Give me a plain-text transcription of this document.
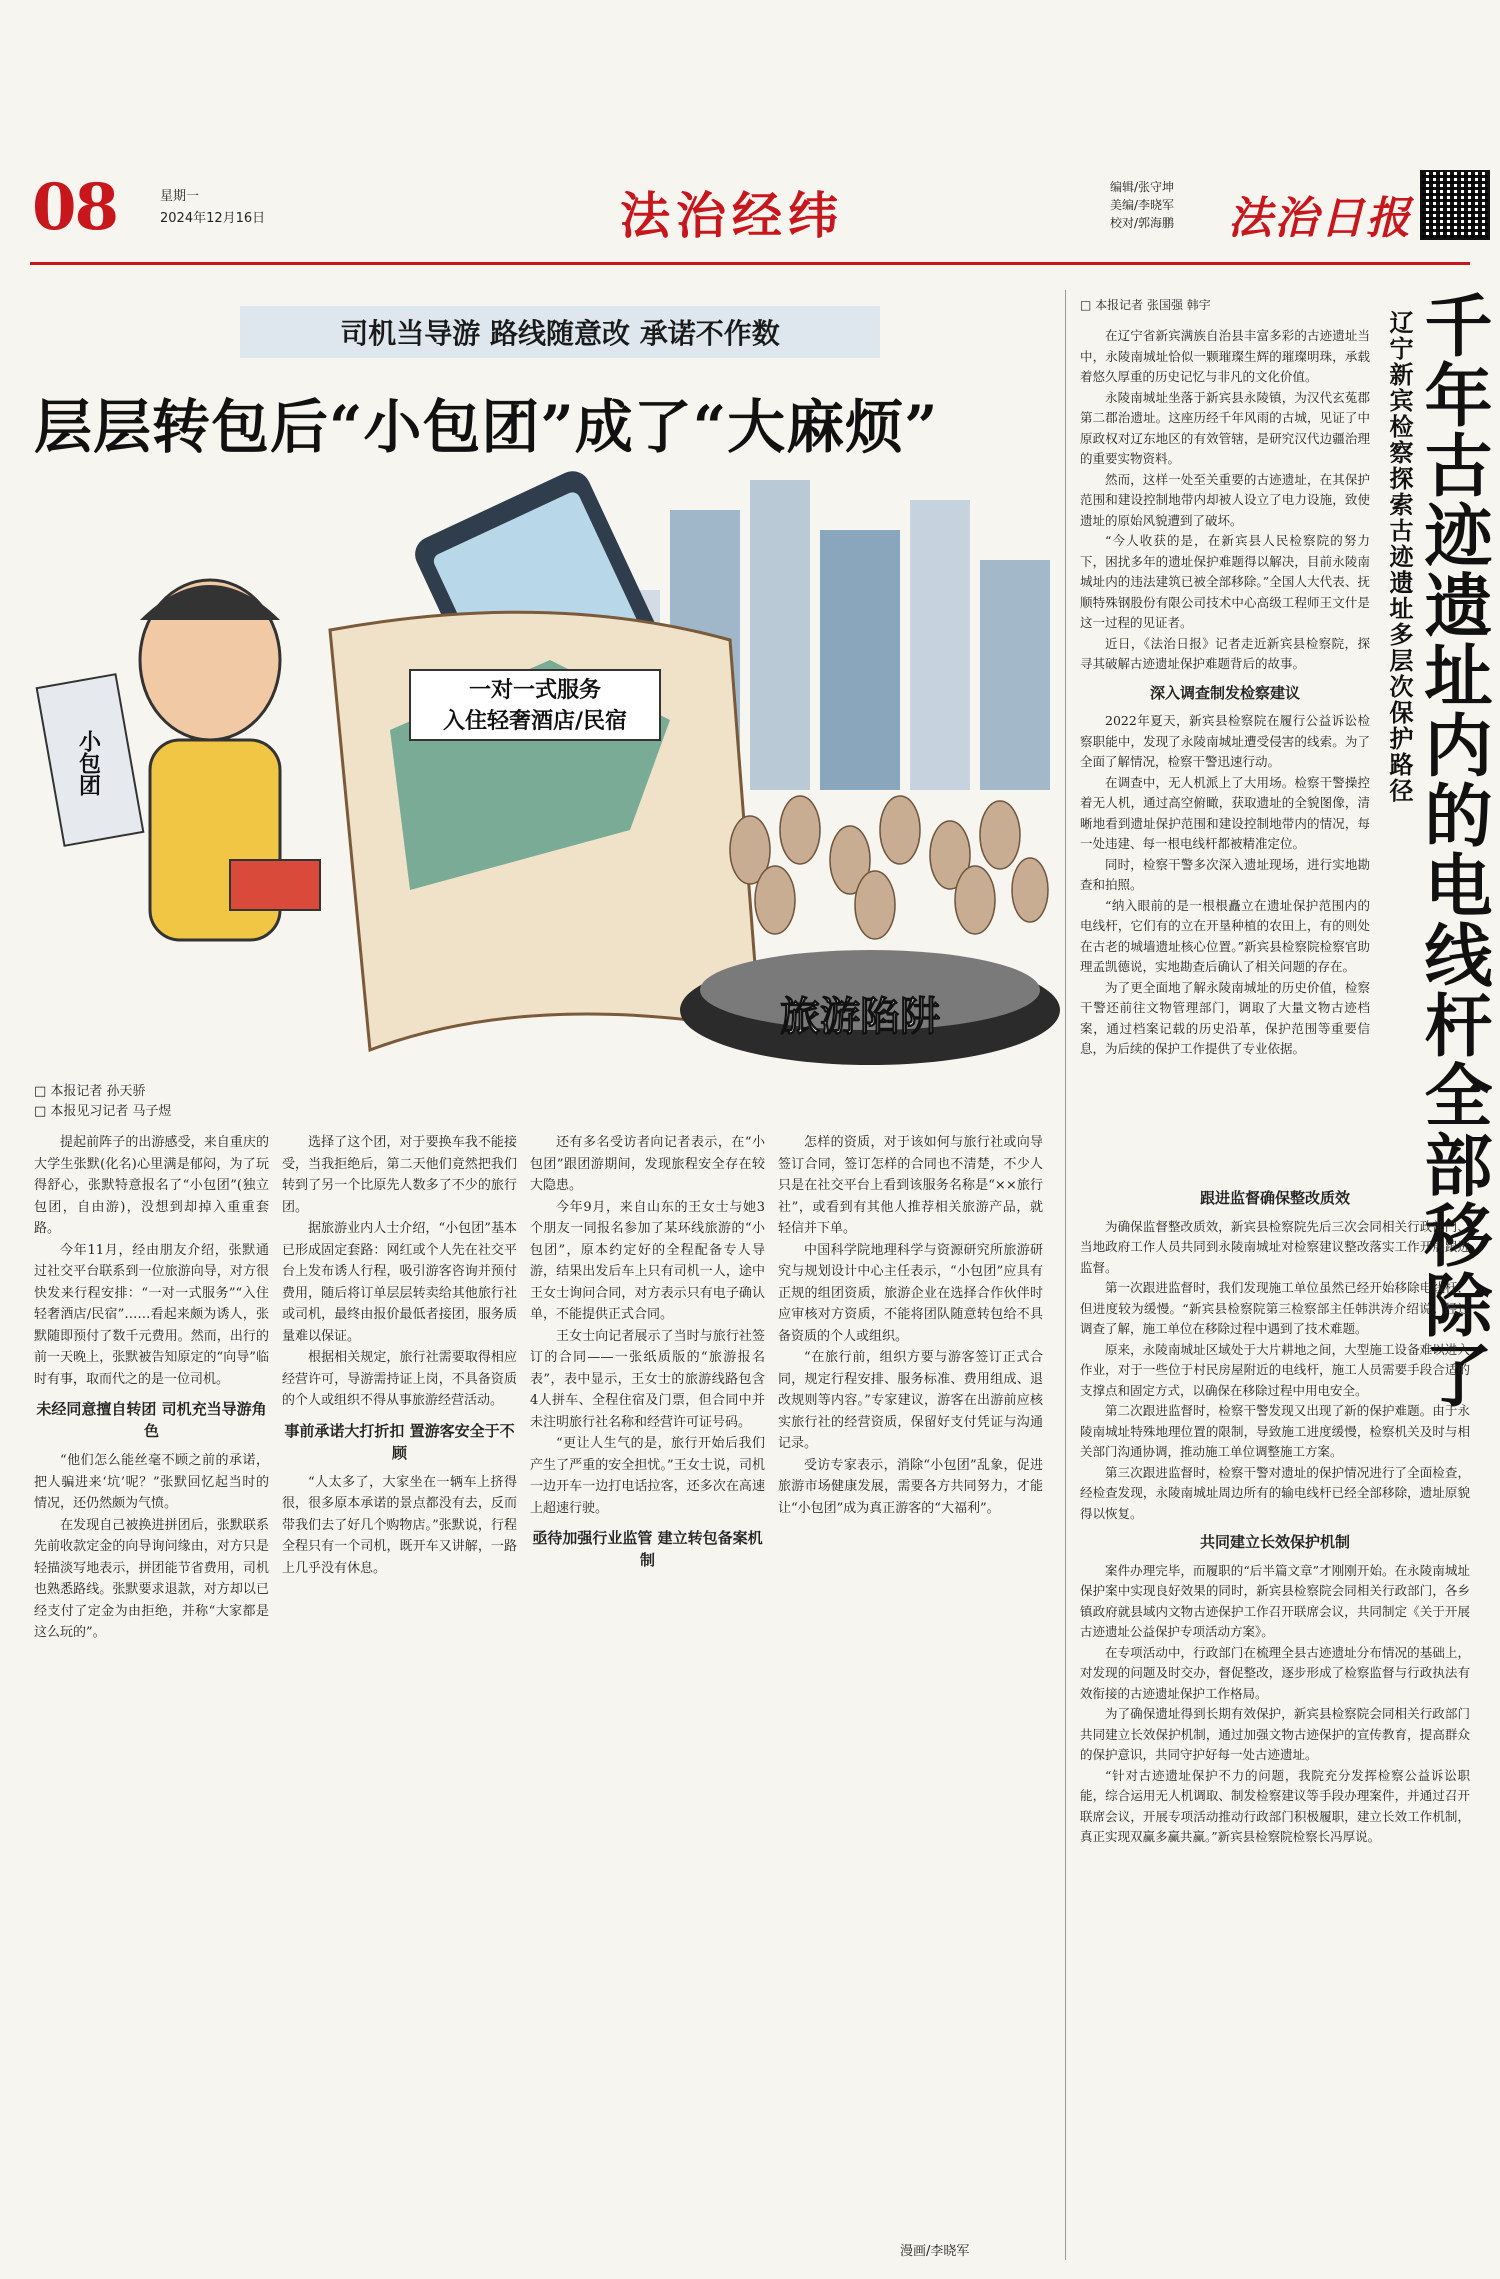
08	星期一
2024年12月16日	法治经纬	编辑/张守坤
美编/李晓军
校对/郭海鹏 法治日报
司机当导游 路线随意改 承诺不作数
层层转包后“小包团”成了“大麻烦”
一对一式服务
入住轻奢酒店/民宿
旅游陷阱
小包团
□ 本报记者 孙天骄
□ 本报见习记者 马子煜

提起前阵子的出游感受，来自重庆的大学生张默(化名)心里满是郁闷，为了玩得舒心，张默特意报名了“小包团”(独立包团，自由游)，没想到却掉入重重套路。

今年11月，经由朋友介绍，张默通过社交平台联系到一位旅游向导，对方很快发来行程安排：“一对一式服务”“入住轻奢酒店/民宿”……看起来颇为诱人，张默随即预付了数千元费用。然而，出行的前一天晚上，张默被告知原定的“向导”临时有事，取而代之的是一位司机。

未经同意擅自转团 司机充当导游角色

“他们怎么能丝毫不顾之前的承诺，把人骗进来‘坑’呢？”张默回忆起当时的情况，还仍然颇为气愤。

在发现自己被换进拼团后，张默联系先前收款定金的向导询问缘由，对方只是轻描淡写地表示，拼团能节省费用，司机也熟悉路线。张默要求退款，对方却以已经支付了定金为由拒绝，并称“大家都是这么玩的”。

选择了这个团，对于要换车我不能接受，当我拒绝后，第二天他们竟然把我们转到了另一个比原先人数多了不少的旅行团。

据旅游业内人士介绍，“小包团”基本已形成固定套路：网红或个人先在社交平台上发布诱人行程，吸引游客咨询并预付费用，随后将订单层层转卖给其他旅行社或司机，最终由报价最低者接团，服务质量难以保证。

根据相关规定，旅行社需要取得相应经营许可，导游需持证上岗，不具备资质的个人或组织不得从事旅游经营活动。

事前承诺大打折扣 置游客安全于不顾

“人太多了，大家坐在一辆车上挤得很，很多原本承诺的景点都没有去，反而带我们去了好几个购物店。”张默说，行程全程只有一个司机，既开车又讲解，一路上几乎没有休息。

还有多名受访者向记者表示，在“小包团”跟团游期间，发现旅程安全存在较大隐患。

今年9月，来自山东的王女士与她3个朋友一同报名参加了某环线旅游的“小包团”，原本约定好的全程配备专人导游，结果出发后车上只有司机一人，途中王女士询问合同，对方表示只有电子确认单，不能提供正式合同。

王女士向记者展示了当时与旅行社签订的合同——一张纸质版的“旅游报名表”，表中显示，王女士的旅游线路包含4人拼车、全程住宿及门票，但合同中并未注明旅行社名称和经营许可证号码。

“更让人生气的是，旅行开始后我们产生了严重的安全担忧。”王女士说，司机一边开车一边打电话拉客，还多次在高速上超速行驶。

亟待加强行业监管 建立转包备案机制

怎样的资质，对于该如何与旅行社或向导签订合同，签订怎样的合同也不清楚，不少人只是在社交平台上看到该服务名称是“××旅行社”，或看到有其他人推荐相关旅游产品，就轻信并下单。

中国科学院地理科学与资源研究所旅游研究与规划设计中心主任表示，“小包团”应具有正规的组团资质，旅游企业在选择合作伙伴时应审核对方资质，不能将团队随意转包给不具备资质的个人或组织。

“在旅行前，组织方要与游客签订正式合同，规定行程安排、服务标准、费用组成、退改规则等内容。”专家建议，游客在出游前应核实旅行社的经营资质，保留好支付凭证与沟通记录。

受访专家表示，消除“小包团”乱象，促进旅游市场健康发展，需要各方共同努力，才能让“小包团”成为真正游客的“大福利”。

漫画/李晓军
□ 本报记者 张国强 韩宇
辽宁新宾检察探索古迹遗址多层次保护路径 千年古迹遗址内的电线杆全部移除了

在辽宁省新宾满族自治县丰富多彩的古迹遗址当中，永陵南城址恰似一颗璀璨生辉的璀璨明珠，承载着悠久厚重的历史记忆与非凡的文化价值。

永陵南城址坐落于新宾县永陵镇，为汉代玄菟郡第二郡治遗址。这座历经千年风雨的古城，见证了中原政权对辽东地区的有效管辖，是研究汉代边疆治理的重要实物资料。

然而，这样一处至关重要的古迹遗址，在其保护范围和建设控制地带内却被人设立了电力设施，致使遗址的原始风貌遭到了破坏。

“今人收获的是，在新宾县人民检察院的努力下，困扰多年的遗址保护难题得以解决，目前永陵南城址内的违法建筑已被全部移除。”全国人大代表、抚顺特殊钢股份有限公司技术中心高级工程师王文什是这一过程的见证者。

近日，《法治日报》记者走近新宾县检察院，探寻其破解古迹遗址保护难题背后的故事。

深入调查制发检察建议

2022年夏天，新宾县检察院在履行公益诉讼检察职能中，发现了永陵南城址遭受侵害的线索。为了全面了解情况，检察干警迅速行动。

在调查中，无人机派上了大用场。检察干警操控着无人机，通过高空俯瞰，获取遗址的全貌图像，清晰地看到遗址保护范围和建设控制地带内的情况，每一处违建、每一根电线杆都被精准定位。

同时，检察干警多次深入遗址现场，进行实地勘查和拍照。

“纳入眼前的是一根根矗立在遗址保护范围内的电线杆，它们有的立在开垦种植的农田上，有的则处在古老的城墙遗址核心位置。”新宾县检察院检察官助理孟凯德说，实地勘查后确认了相关问题的存在。

为了更全面地了解永陵南城址的历史价值，检察干警还前往文物管理部门，调取了大量文物古迹档案，通过档案记载的历史沿革，保护范围等重要信息，为后续的保护工作提供了专业依据。

跟进监督确保整改质效

为确保监督整改质效，新宾县检察院先后三次会同相关行政部门、当地政府工作人员共同到永陵南城址对检察建议整改落实工作开展跟进监督。

第一次跟进监督时，我们发现施工单位虽然已经开始移除电线杆，但进度较为缓慢。“新宾县检察院第三检察部主任韩洪涛介绍说。经过调查了解，施工单位在移除过程中遇到了技术难题。

原来，永陵南城址区域处于大片耕地之间，大型施工设备难以进入作业，对于一些位于村民房屋附近的电线杆，施工人员需要手段合适的支撑点和固定方式，以确保在移除过程中用电安全。

第二次跟进监督时，检察干警发现又出现了新的保护难题。由于永陵南城址特殊地理位置的限制，导致施工进度缓慢，检察机关及时与相关部门沟通协调，推动施工单位调整施工方案。

第三次跟进监督时，检察干警对遗址的保护情况进行了全面检查，经检查发现，永陵南城址周边所有的输电线杆已经全部移除，遗址原貌得以恢复。

共同建立长效保护机制

案件办理完毕，而履职的“后半篇文章”才刚刚开始。在永陵南城址保护案中实现良好效果的同时，新宾县检察院会同相关行政部门，各乡镇政府就县域内文物古迹保护工作召开联席会议，共同制定《关于开展古迹遗址公益保护专项活动方案》。

在专项活动中，行政部门在梳理全县古迹遗址分布情况的基础上，对发现的问题及时交办，督促整改，逐步形成了检察监督与行政执法有效衔接的古迹遗址保护工作格局。

为了确保遗址得到长期有效保护，新宾县检察院会同相关行政部门共同建立长效保护机制，通过加强文物古迹保护的宣传教育，提高群众的保护意识，共同守护好每一处古迹遗址。

“针对古迹遗址保护不力的问题，我院充分发挥检察公益诉讼职能，综合运用无人机调取、制发检察建议等手段办理案件，并通过召开联席会议，开展专项活动推动行政部门积极履职，建立长效工作机制，真正实现双赢多赢共赢。”新宾县检察院检察长冯厚说。
